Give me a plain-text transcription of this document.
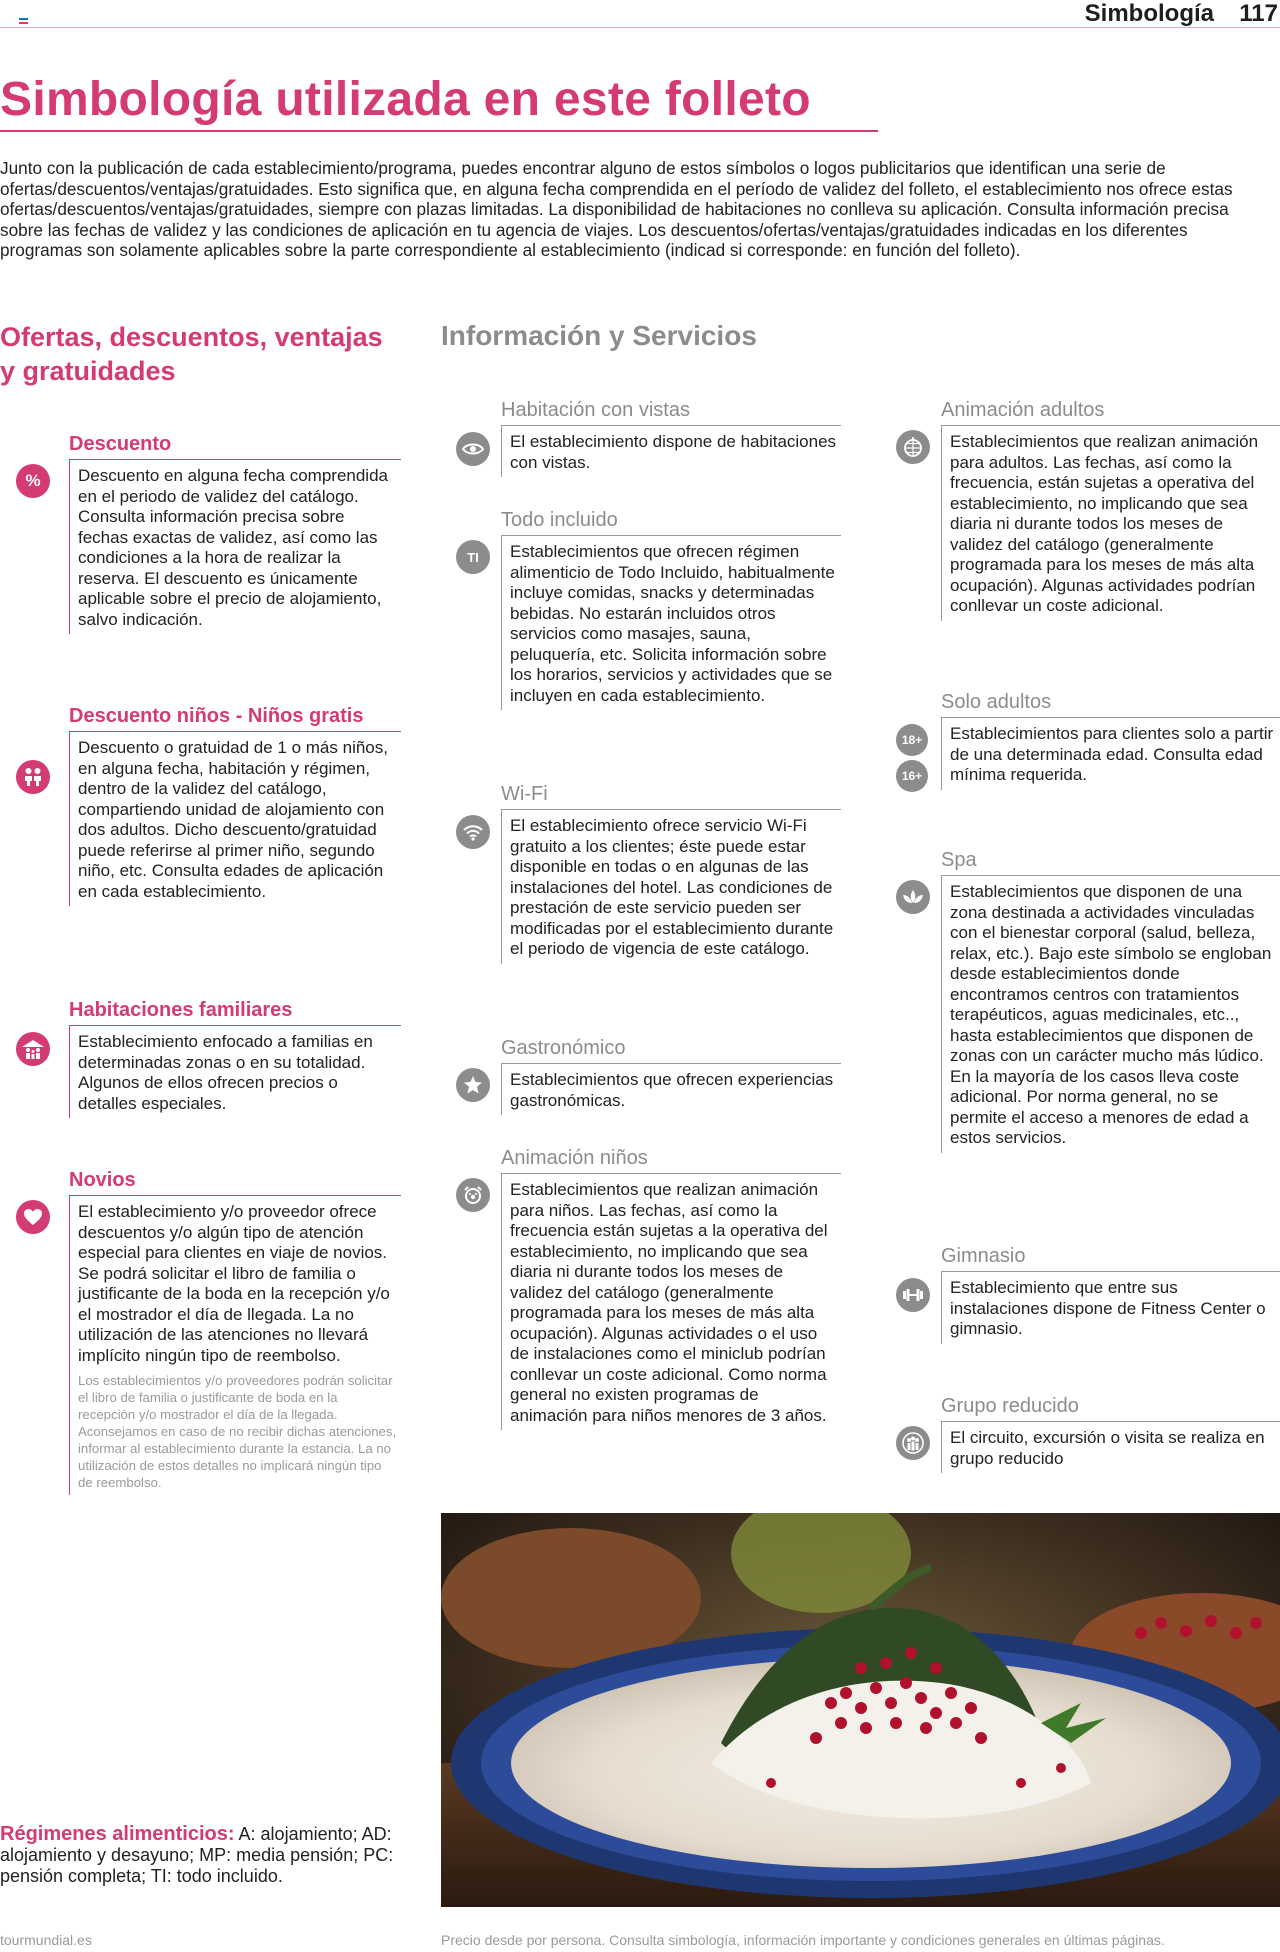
Simbología 117
Simbología utilizada en este folleto

Junto con la publicación de cada establecimiento/programa, puedes encontrar alguno de estos símbolos o logos publicitarios que identifican una serie de ofertas/descuentos/ventajas/gratuidades. Esto significa que, en alguna fecha comprendida en el período de validez del folleto, el establecimiento nos ofrece estas ofertas/descuentos/ventajas/gratuidades, siempre con plazas limitadas. La disponibilidad de habitaciones no conlleva su aplicación. Consulta información precisa sobre las fechas de validez y las condiciones de aplicación en tu agencia de viajes. Los descuentos/ofertas/ventajas/gratuidades indicadas en los diferentes programas son solamente aplicables sobre la parte correspondiente al establecimiento (indicad si corresponde: en función del folleto).

Ofertas, descuentos, ventajas y gratuidades
Información y Servicios
Descuento
Descuento en alguna fecha comprendida en el periodo de validez del catálogo. Consulta información precisa sobre fechas exactas de validez, así como las condiciones a la hora de realizar la reserva. El descuento es únicamente aplicable sobre el precio de alojamiento, salvo indicación.
%
Descuento niños - Niños gratis
Descuento o gratuidad de 1 o más niños, en alguna fecha, habitación y régimen, dentro de la validez del catálogo, compartiendo unidad de alojamiento con dos adultos. Dicho descuento/gratuidad puede referirse al primer niño, segundo niño, etc. Consulta edades de aplicación en cada establecimiento.
Habitaciones familiares
Establecimiento enfocado a familias en determinadas zonas o en su totalidad. Algunos de ellos ofrecen precios o detalles especiales.
Novios
El establecimiento y/o proveedor ofrece descuentos y/o algún tipo de atención especial para clientes en viaje de novios. Se podrá solicitar el libro de familia o justificante de la boda en la recepción y/o el mostrador el día de llegada. La no utilización de las atenciones no llevará implícito ningún tipo de reembolso.
Los establecimientos y/o proveedores podrán solicitar el libro de familia o justificante de boda en la recepción y/o mostrador el día de la llegada. Aconsejamos en caso de no recibir dichas atenciones, informar al establecimiento durante la estancia. La no utilización de estos detalles no implicará ningún tipo de reembolso.
Habitación con vistas
El establecimiento dispone de habitaciones con vistas.
Todo incluido
Establecimientos que ofrecen régimen alimenticio de Todo Incluido, habitualmente incluye comidas, snacks y determinadas bebidas. No estarán incluidos otros servicios como masajes, sauna, peluquería, etc. Solicita información sobre los horarios, servicios y actividades que se incluyen en cada establecimiento.
TI
Wi-Fi
El establecimiento ofrece servicio Wi-Fi gratuito a los clientes; éste puede estar disponible en todas o en algunas de las instalaciones del hotel. Las condiciones de prestación de este servicio pueden ser modificadas por el establecimiento durante el periodo de vigencia de este catálogo.
Gastronómico
Establecimientos que ofrecen experiencias gastronómicas.
Animación niños
Establecimientos que realizan animación para niños. Las fechas, así como la frecuencia están sujetas a la operativa del establecimiento, no implicando que sea diaria ni durante todos los meses de validez del catálogo (generalmente programada para los meses de más alta ocupación). Algunas actividades o el uso de instalaciones como el miniclub podrían conllevar un coste adicional. Como norma general no existen programas de animación para niños menores de 3 años.
Animación adultos
Establecimientos que realizan animación para adultos. Las fechas, así como la frecuencia, están sujetas a operativa del establecimiento, no implicando que sea diaria ni durante todos los meses de validez del catálogo (generalmente programada para los meses de más alta ocupación). Algunas actividades podrían conllevar un coste adicional.
Solo adultos
Establecimientos para clientes solo a partir de una determinada edad. Consulta edad mínima requerida.
18+
16+
Spa
Establecimientos que disponen de una zona destinada a actividades vinculadas con el bienestar corporal (salud, belleza, relax, etc.). Bajo este símbolo se engloban desde establecimientos donde encontramos centros con tratamientos terapéuticos, aguas medicinales, etc.., hasta establecimientos que disponen de zonas con un carácter mucho más lúdico. En la mayoría de los casos lleva coste adicional. Por norma general, no se permite el acceso a menores de edad a estos servicios.
Gimnasio
Establecimiento que entre sus instalaciones dispone de Fitness Center o gimnasio.
Grupo reducido
El circuito, excursión o visita se realiza en grupo reducido
Régimenes alimenticios: A: alojamiento; AD: alojamiento y desayuno; MP: media pensión; PC: pensión completa; TI: todo incluido.
tourmundial.es	Precio desde por persona. Consulta simbología, información importante y condiciones generales en últimas páginas.
